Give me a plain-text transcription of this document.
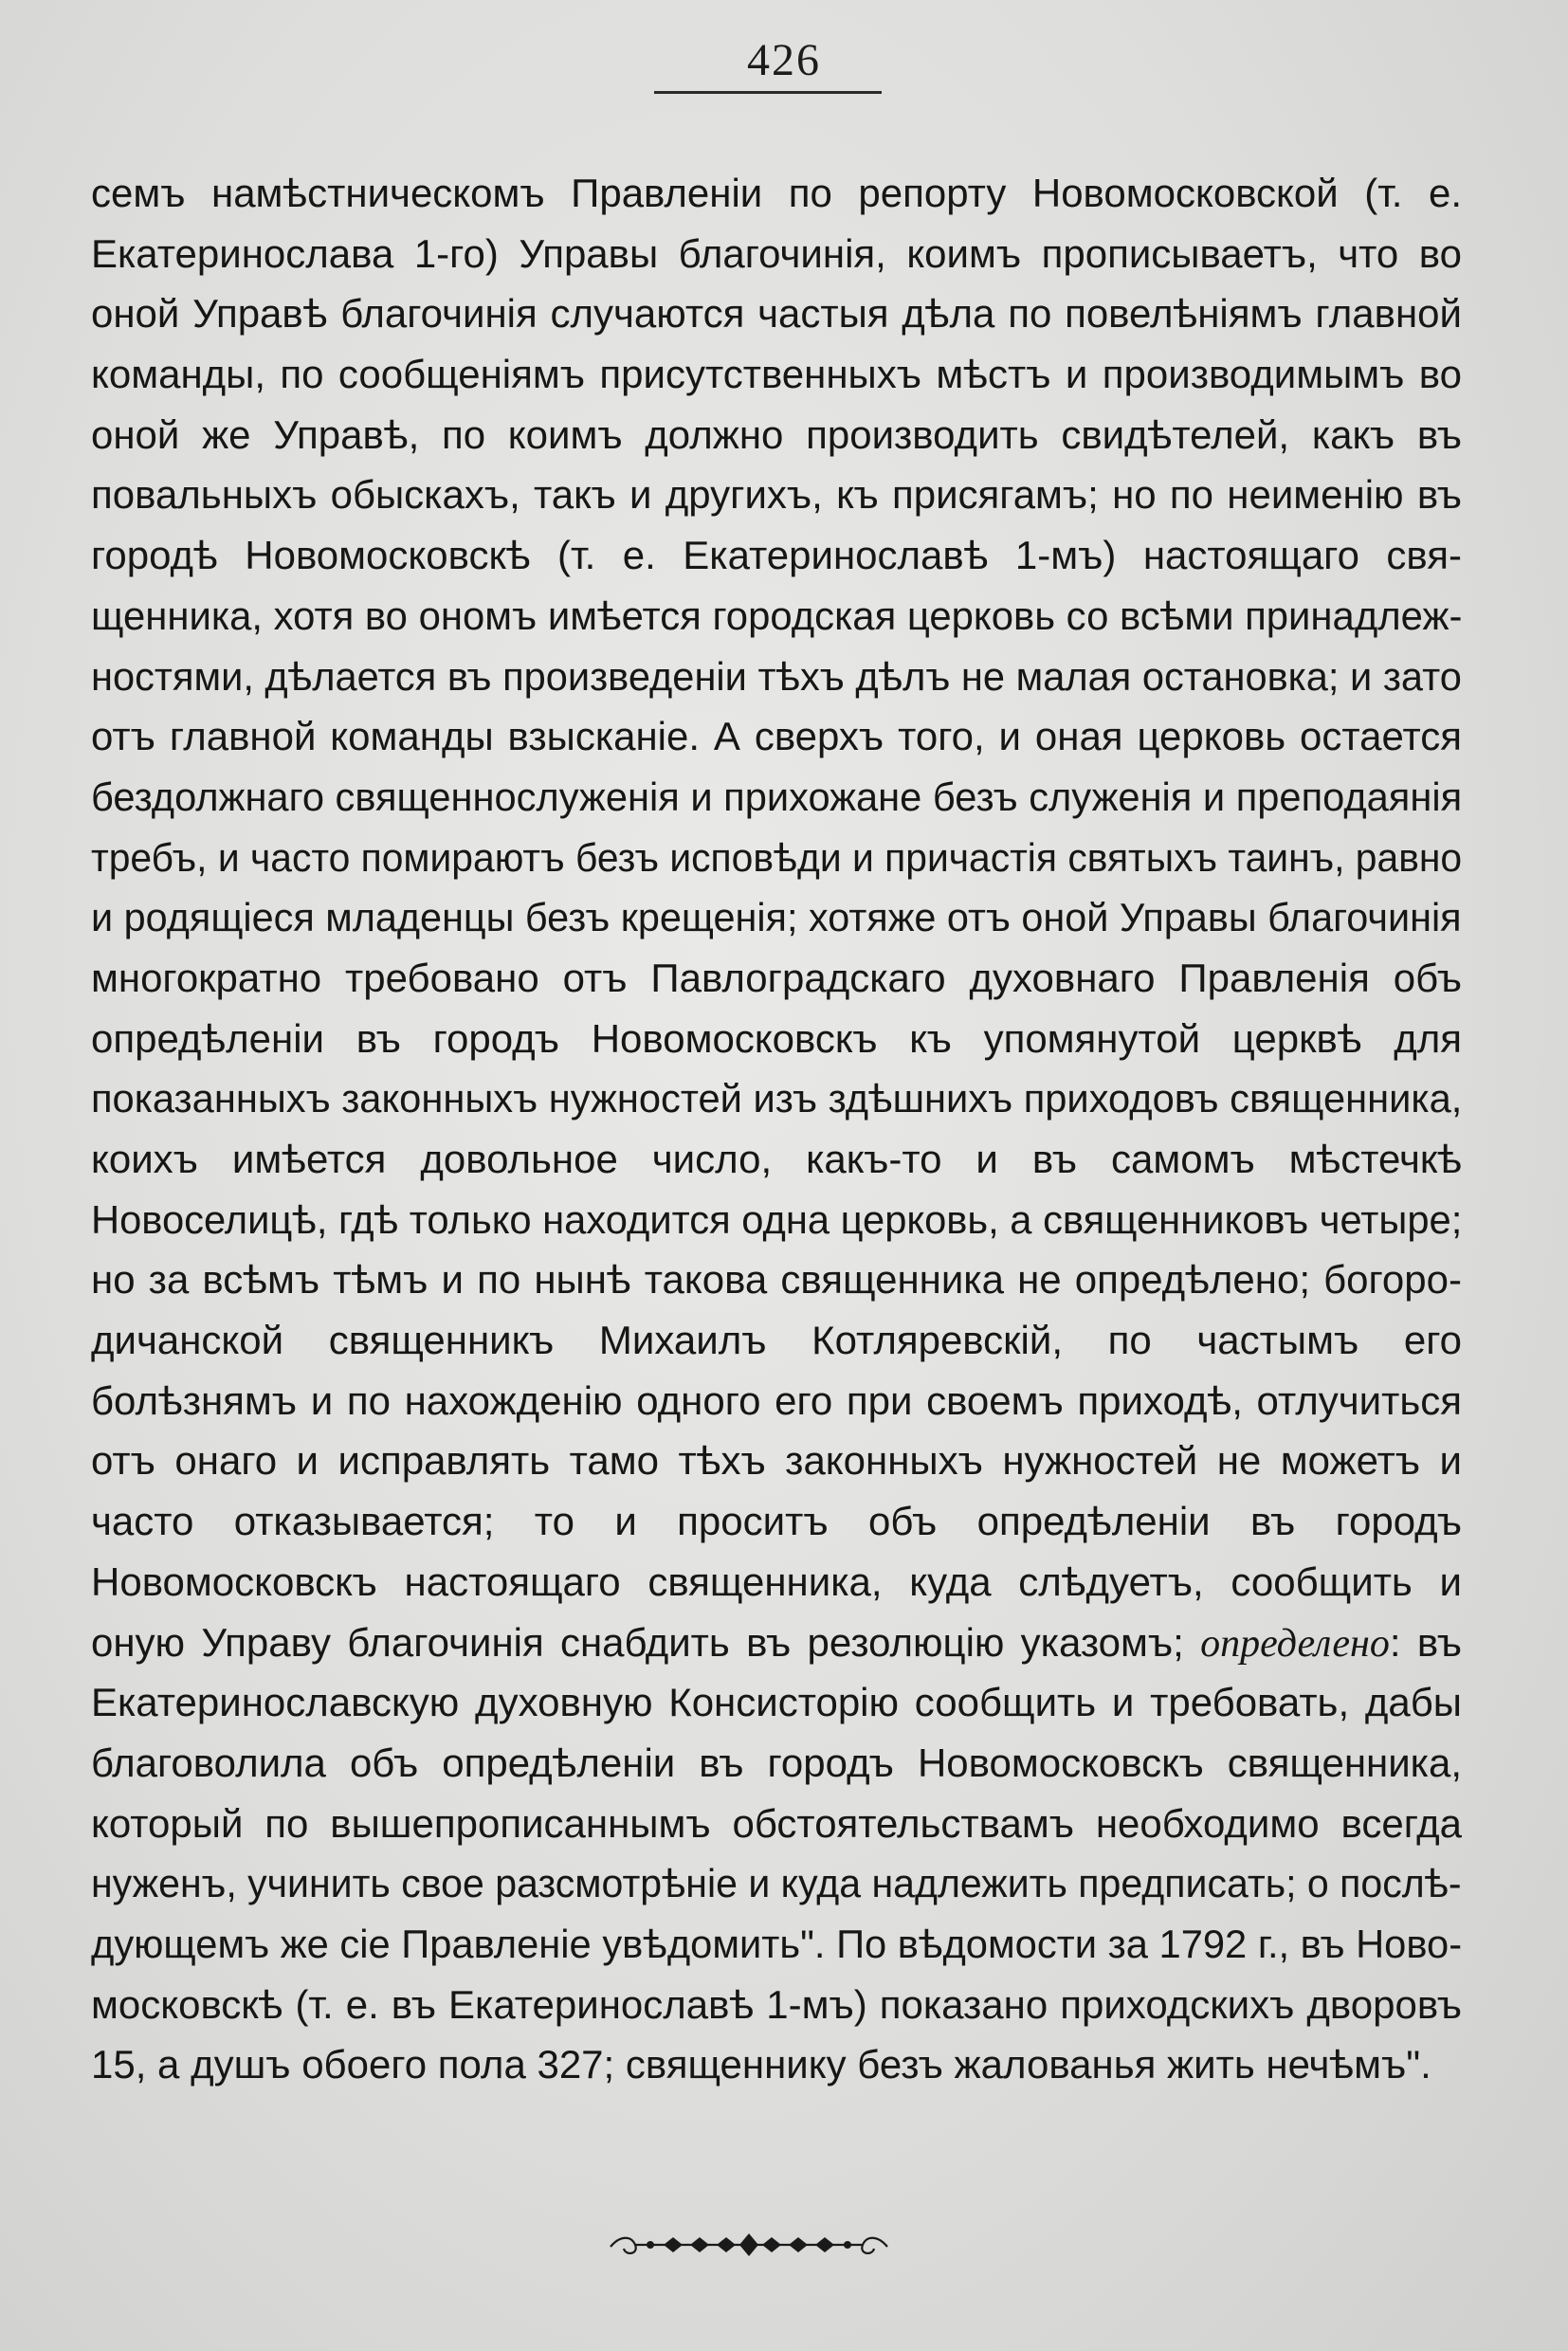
426
семъ намѣстническомъ Правленіи по репорту Новомосковской (т. е.
Екатеринослава 1-го) Управы благочинія, коимъ прописываетъ, что во
оной Управѣ благочинія случаются частыя дѣла по повелѣніямъ главной
команды, по сообщеніямъ присутственныхъ мѣстъ и производимымъ во
оной же Управѣ, по коимъ должно производить свидѣтелей, какъ въ
повальныхъ обыскахъ, такъ и другихъ, къ присягамъ; но по неименію въ
городѣ Новомосковскѣ (т. е. Екатеринославѣ 1-мъ) настоящаго свя-
щенника, хотя во ономъ имѣется городская церковь со всѣми принадлеж-
ностями, дѣлается въ произведеніи тѣхъ дѣлъ не малая остановка; и зато
отъ главной команды взысканіе. А сверхъ того, и оная церковь остается
бездолжнаго священнослуженія и прихожане безъ служенія и преподаянія
требъ, и часто помираютъ безъ исповѣди и причастія святыхъ таинъ, равно
и родящіеся младенцы безъ крещенія; хотяже отъ оной Управы благочинія
многократно требовано отъ Павлоградскаго духовнаго Правленія объ
опредѣленіи въ городъ Новомосковскъ къ упомянутой церквѣ для
показанныхъ законныхъ нужностей изъ здѣшнихъ приходовъ священника,
коихъ имѣется довольное число, какъ-то и въ самомъ мѣстечкѣ
Новоселицѣ, гдѣ только находится одна церковь, а священниковъ четыре;
но за всѣмъ тѣмъ и по нынѣ такова священника не опредѣлено; богоро-
дичанской священникъ Михаилъ Котляревскій, по частымъ его
болѣзнямъ и по нахожденію одного его при своемъ приходѣ, отлучиться
отъ онаго и исправлять тамо тѣхъ законныхъ нужностей не можетъ и
часто отказывается; то и проситъ объ опредѣленіи въ городъ
Новомосковскъ настоящаго священника, куда слѣдуетъ, сообщить и
оную Управу благочинія снабдить въ резолюцію указомъ; определено: въ
Екатеринославскую духовную Консисторію сообщить и требовать, дабы
благоволила объ опредѣленіи въ городъ Новомосковскъ священника,
который по вышепрописаннымъ обстоятельствамъ необходимо всегда
нуженъ, учинить свое разсмотрѣніе и куда надлежить предписать; о послѣ-
дующемъ же сіе Правленіе увѣдомить". По вѣдомости за 1792 г., въ Ново-
московскѣ (т. е. въ Екатеринославѣ 1-мъ) показано приходскихъ дворовъ
15, а душъ обоего пола 327; священнику безъ жалованья жить нечѣмъ".
